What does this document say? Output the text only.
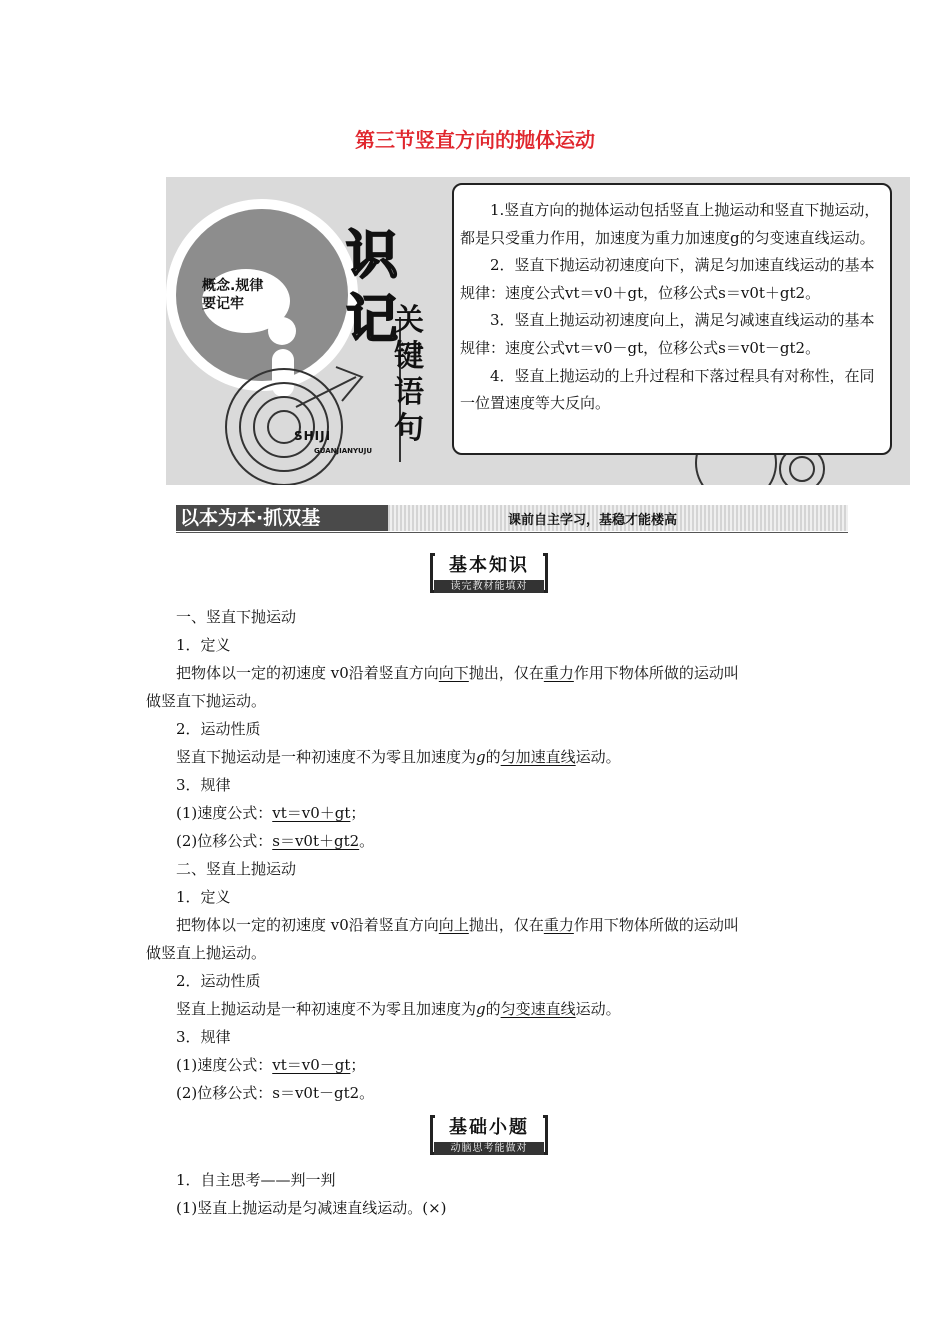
第三节竖直方向的抛体运动
概念.规律
要记牢
识
记
关
键
语
句
SHIJI
GUANJIANYUJU

1.竖直方向的抛体运动包括竖直上抛运动和竖直下抛运动，都是只受重力作用，加速度为重力加速度g的匀变速直线运动。

2．竖直下抛运动初速度向下，满足匀加速直线运动的基本规律：速度公式vt＝v0＋gt，位移公式s＝v0t＋gt2。

3．竖直上抛运动初速度向上，满足匀减速直线运动的基本规律：速度公式vt＝v0－gt，位移公式s＝v0t－gt2。

4．竖直上抛运动的上升过程和下落过程具有对称性，在同一位置速度等大反向。

以本为本·抓双基	课前自主学习，基稳才能楼高
基本知识
读完教材能填对
一、竖直下抛运动
1．定义
把物体以一定的初速度 v0沿着竖直方向向下抛出，仅在重力作用下物体所做的运动叫
做竖直下抛运动。
2．运动性质
竖直下抛运动是一种初速度不为零且加速度为g的匀加速直线运动。
3．规律
(1)速度公式：vt＝v0＋gt；
(2)位移公式：s＝v0t＋gt2。
二、竖直上抛运动
1．定义
把物体以一定的初速度 v0沿着竖直方向向上抛出，仅在重力作用下物体所做的运动叫
做竖直上抛运动。
2．运动性质
竖直上抛运动是一种初速度不为零且加速度为g的匀变速直线运动。
3．规律
(1)速度公式：vt＝v0－gt；
(2)位移公式：s＝v0t－gt2。
基础小题
动脑思考能做对
1．自主思考——判一判
(1)竖直上抛运动是匀减速直线运动。(×)
